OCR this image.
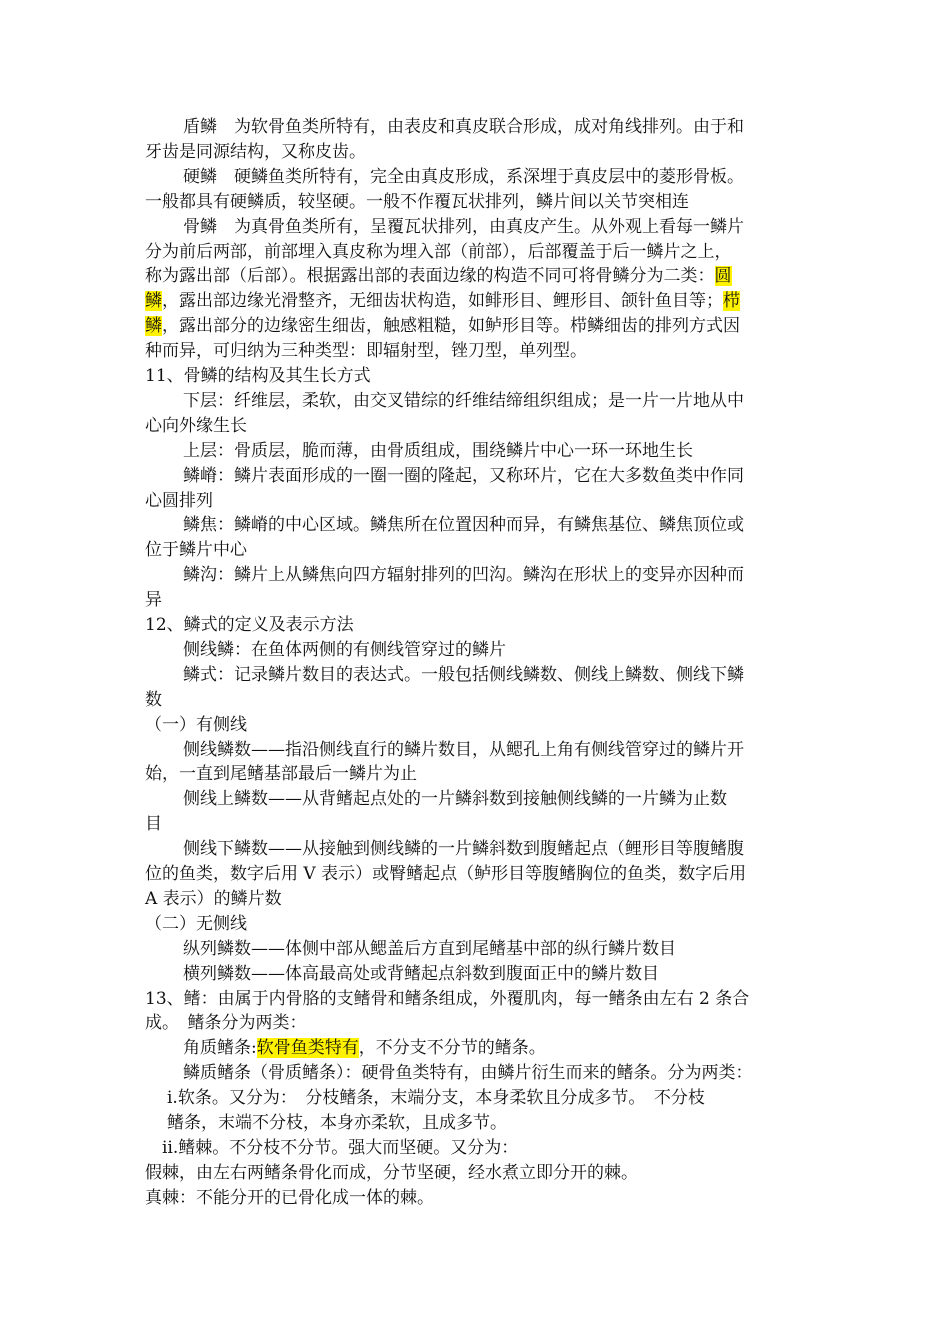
盾鳞　为软骨鱼类所特有，由表皮和真皮联合形成，成对角线排列。由于和
牙齿是同源结构，又称皮齿。
硬鳞　硬鳞鱼类所特有，完全由真皮形成，系深埋于真皮层中的菱形骨板。
一般都具有硬鳞质，较坚硬。一般不作覆瓦状排列，鳞片间以关节突相连
骨鳞　为真骨鱼类所有，呈覆瓦状排列，由真皮产生。从外观上看每一鳞片
分为前后两部，前部埋入真皮称为埋入部（前部），后部覆盖于后一鳞片之上，
称为露出部（后部）。根据露出部的表面边缘的构造不同可将骨鳞分为二类：圆
鳞，露出部边缘光滑整齐，无细齿状构造，如鲱形目、鲤形目、颌针鱼目等；栉
鳞，露出部分的边缘密生细齿，触感粗糙，如鲈形目等。栉鳞细齿的排列方式因
种而异，可归纳为三种类型：即辐射型，锉刀型，单列型。
11、骨鳞的结构及其生长方式
下层：纤维层，柔软，由交叉错综的纤维结缔组织组成；是一片一片地从中
心向外缘生长
上层：骨质层，脆而薄，由骨质组成，围绕鳞片中心一环一环地生长
鳞嵴：鳞片表面形成的一圈一圈的隆起，又称环片，它在大多数鱼类中作同
心圆排列
鳞焦：鳞嵴的中心区域。鳞焦所在位置因种而异，有鳞焦基位、鳞焦顶位或
位于鳞片中心
鳞沟：鳞片上从鳞焦向四方辐射排列的凹沟。鳞沟在形状上的变异亦因种而
异
12、鳞式的定义及表示方法
侧线鳞：在鱼体两侧的有侧线管穿过的鳞片
鳞式：记录鳞片数目的表达式。一般包括侧线鳞数、侧线上鳞数、侧线下鳞
数
（一）有侧线
侧线鳞数——指沿侧线直行的鳞片数目，从鳃孔上角有侧线管穿过的鳞片开
始，一直到尾鳍基部最后一鳞片为止
侧线上鳞数——从背鳍起点处的一片鳞斜数到接触侧线鳞的一片鳞为止数
目
侧线下鳞数——从接触到侧线鳞的一片鳞斜数到腹鳍起点（鲤形目等腹鳍腹
位的鱼类，数字后用 V 表示）或臀鳍起点（鲈形目等腹鳍胸位的鱼类，数字后用
A 表示）的鳞片数
（二）无侧线
纵列鳞数——体侧中部从鳃盖后方直到尾鳍基中部的纵行鳞片数目
横列鳞数——体高最高处或背鳍起点斜数到腹面正中的鳞片数目
13、鳍：由属于内骨胳的支鳍骨和鳍条组成，外覆肌肉，每一鳍条由左右 2 条合
成。　鳍条分为两类：
角质鳍条:软骨鱼类特有，不分支不分节的鳍条。
鳞质鳍条（骨质鳍条）：硬骨鱼类特有，由鳞片衍生而来的鳍条。分为两类：
ⅰ.软条。又分为：　分枝鳍条，末端分支，本身柔软且分成多节。　不分枝
鳍条，末端不分枝，本身亦柔软，且成多节。
ⅱ.鳍棘。不分枝不分节。强大而坚硬。又分为：
假棘，由左右两鳍条骨化而成，分节坚硬，经水煮立即分开的棘。
真棘：不能分开的已骨化成一体的棘。
